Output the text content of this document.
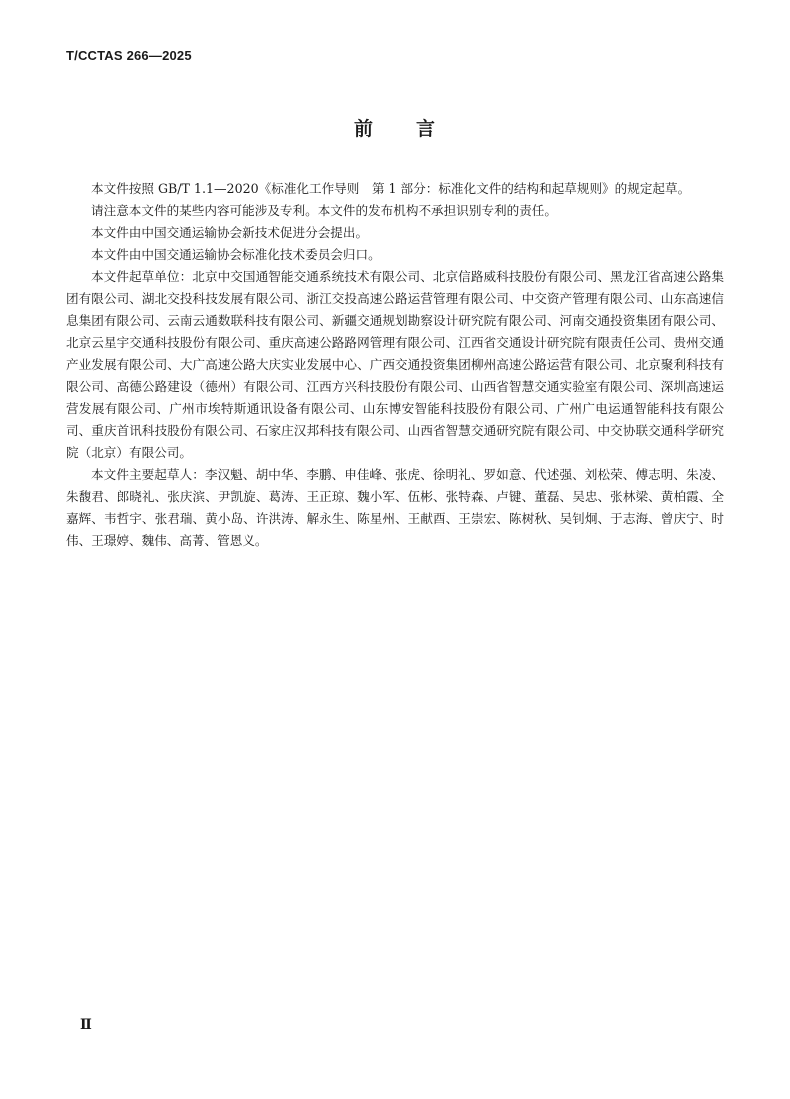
T/CCTAS 266—2025
前 言

本文件按照 GB/T 1.1—2020《标准化工作导则　第 1 部分：标准化文件的结构和起草规则》的规定起草。

请注意本文件的某些内容可能涉及专利。本文件的发布机构不承担识别专利的责任。

本文件由中国交通运输协会新技术促进分会提出。

本文件由中国交通运输协会标准化技术委员会归口。

本文件起草单位：北京中交国通智能交通系统技术有限公司、北京信路威科技股份有限公司、黑龙江省高速公路集团有限公司、湖北交投科技发展有限公司、浙江交投高速公路运营管理有限公司、中交资产管理有限公司、山东高速信息集团有限公司、云南云通数联科技有限公司、新疆交通规划勘察设计研究院有限公司、河南交通投资集团有限公司、北京云星宇交通科技股份有限公司、重庆高速公路路网管理有限公司、江西省交通设计研究院有限责任公司、贵州交通产业发展有限公司、大广高速公路大庆实业发展中心、广西交通投资集团柳州高速公路运营有限公司、北京聚利科技有限公司、高德公路建设（德州）有限公司、江西方兴科技股份有限公司、山西省智慧交通实验室有限公司、深圳高速运营发展有限公司、广州市埃特斯通讯设备有限公司、山东博安智能科技股份有限公司、广州广电运通智能科技有限公司、重庆首讯科技股份有限公司、石家庄汉邦科技有限公司、山西省智慧交通研究院有限公司、中交协联交通科学研究院（北京）有限公司。

本文件主要起草人：李汉魁、胡中华、李鹏、申佳峰、张虎、徐明礼、罗如意、代述强、刘松荣、傅志明、朱凌、朱馥君、郎晓礼、张庆滨、尹凯旋、葛涛、王正琼、魏小军、伍彬、张特森、卢键、董磊、吴忠、张林梁、黄柏霞、全嘉辉、韦哲宇、张君瑞、黄小岛、许洪涛、解永生、陈星州、王献酉、王崇宏、陈树秋、吴钊炯、于志海、曾庆宁、时伟、王璟婷、魏伟、高菁、管恩义。

Ⅱ
